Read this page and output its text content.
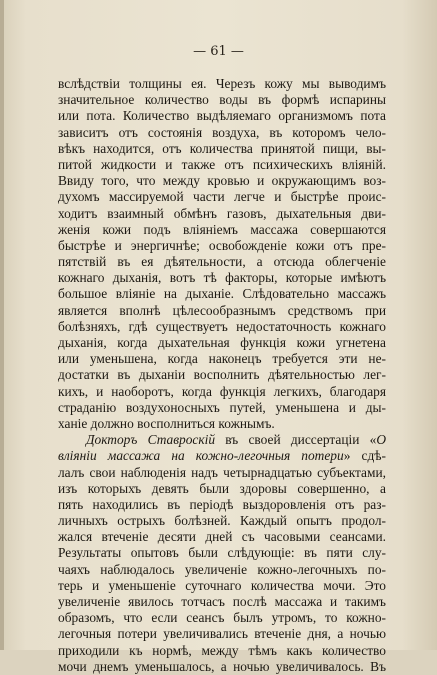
— 61 —
вслѣдствіи толщины ея. Черезъ кожу мы выводимъ
значительное количество воды въ формѣ испарины
или пота. Количество выдѣляемаго организмомъ пота
зависитъ отъ состоянія воздуха, въ которомъ чело-
вѣкъ находится, отъ количества принятой пищи, вы-
питой жидкости и также отъ психическихъ вліяній.
Ввиду того, что между кровью и окружающимъ воз-
духомъ массируемой части легче и быстрѣе проис-
ходитъ взаимный обмѣнъ газовъ, дыхательныя дви-
женія кожи подъ вліяніемъ массажа совершаются
быстрѣе и энергичнѣе; освобожденіе кожи отъ пре-
пятствій въ ея дѣятельности, а отсюда облегченіе
кожнаго дыханія, вотъ тѣ факторы, которые имѣютъ
большое вліяніе на дыханіе. Слѣдовательно массажъ
является вполнѣ цѣлесообразнымъ средствомъ при
болѣзняхъ, гдѣ существуетъ недостаточность кожнаго
дыханія, когда дыхательная функція кожи угнетена
или уменьшена, когда наконецъ требуется эти не-
достатки въ дыханіи восполнить дѣятельностью лег-
кихъ, и наоборотъ, когда функція легкихъ, благодаря
страданію воздухоносныхъ путей, уменьшена и ды-
ханіе должно восполниться кожнымъ.
Докторъ Ставроскій въ своей диссертаціи «О
вліяніи массажа на кожно-легочныя потери» сдѣ-
лалъ свои наблюденія надъ четырнадцатью субъектами,
изъ которыхъ девять были здоровы совершенно, а
пять находились въ періодѣ выздоровленія отъ раз-
личныхъ острыхъ болѣзней. Каждый опытъ продол-
жался втеченіе десяти дней съ часовыми сеансами.
Результаты опытовъ были слѣдующіе: въ пяти слу-
чаяхъ наблюдалось увеличеніе кожно-легочныхъ по-
терь и уменьшеніе суточнаго количества мочи. Это
увеличеніе явилось тотчасъ послѣ массажа и такимъ
образомъ, что если сеансъ былъ утромъ, то кожно-
легочныя потери увеличивались втеченіе дня, а ночью
приходили къ нормѣ, между тѣмъ какъ количество
мочи днемъ уменьшалось, а ночью увеличивалось. Въ
